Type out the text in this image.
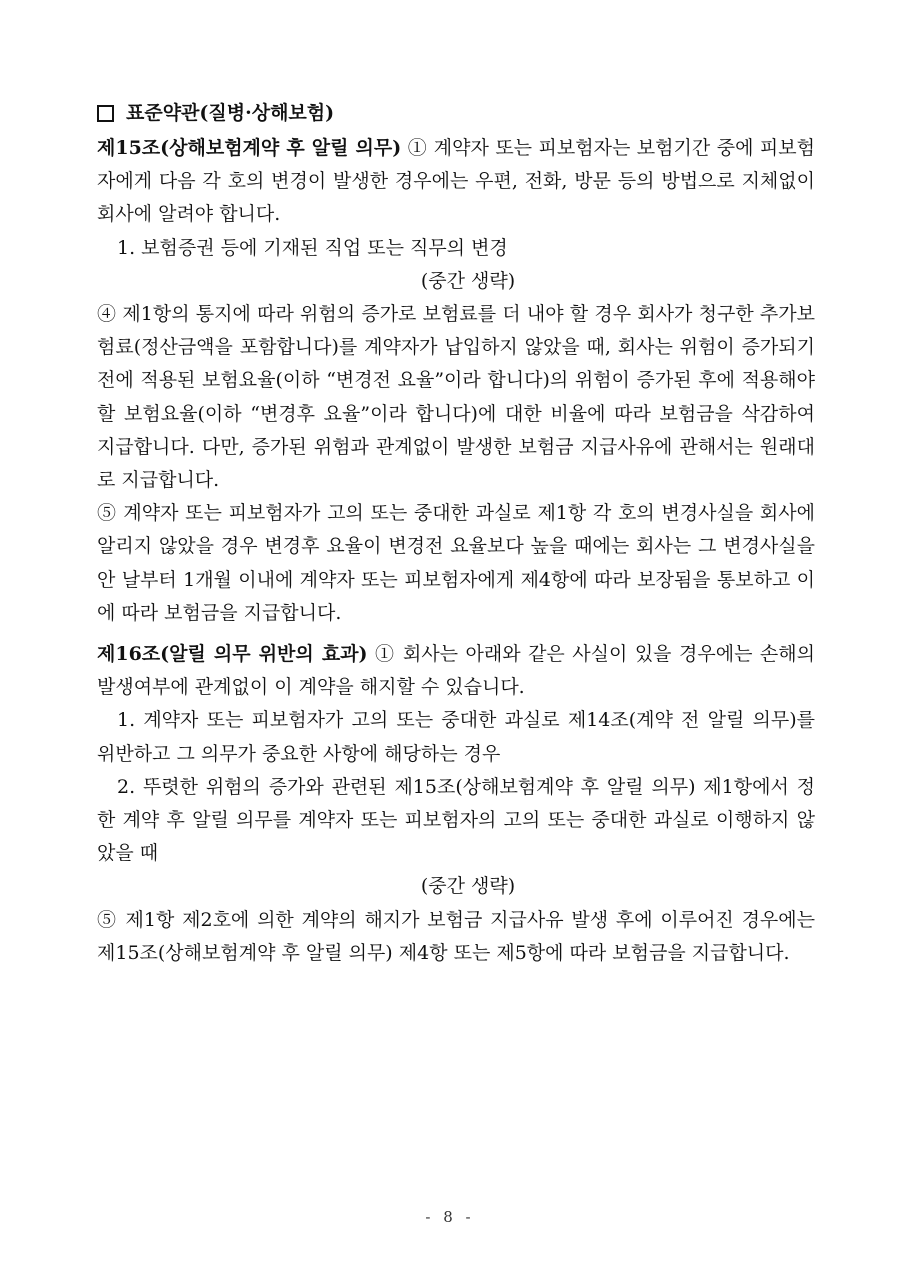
표준약관(질병·상해보험)

제15조(상해보험계약 후 알릴 의무) ① 계약자 또는 피보험자는 보험기간 중에 피보험자에게 다음 각 호의 변경이 발생한 경우에는 우편, 전화, 방문 등의 방법으로 지체없이 회사에 알려야 합니다.

1. 보험증권 등에 기재된 직업 또는 직무의 변경

(중간 생략)

④ 제1항의 통지에 따라 위험의 증가로 보험료를 더 내야 할 경우 회사가 청구한 추가보험료(정산금액을 포함합니다)를 계약자가 납입하지 않았을 때, 회사는 위험이 증가되기 전에 적용된 보험요율(이하 “변경전 요율”이라 합니다)의 위험이 증가된 후에 적용해야 할 보험요율(이하 “변경후 요율”이라 합니다)에 대한 비율에 따라 보험금을 삭감하여 지급합니다. 다만, 증가된 위험과 관계없이 발생한 보험금 지급사유에 관해서는 원래대로 지급합니다.

⑤ 계약자 또는 피보험자가 고의 또는 중대한 과실로 제1항 각 호의 변경사실을 회사에 알리지 않았을 경우 변경후 요율이 변경전 요율보다 높을 때에는 회사는 그 변경사실을 안 날부터 1개월 이내에 계약자 또는 피보험자에게 제4항에 따라 보장됨을 통보하고 이에 따라 보험금을 지급합니다.

제16조(알릴 의무 위반의 효과) ① 회사는 아래와 같은 사실이 있을 경우에는 손해의 발생여부에 관계없이 이 계약을 해지할 수 있습니다.

1. 계약자 또는 피보험자가 고의 또는 중대한 과실로 제14조(계약 전 알릴 의무)를 위반하고 그 의무가 중요한 사항에 해당하는 경우

2. 뚜렷한 위험의 증가와 관련된 제15조(상해보험계약 후 알릴 의무) 제1항에서 정한 계약 후 알릴 의무를 계약자 또는 피보험자의 고의 또는 중대한 과실로 이행하지 않았을 때

(중간 생략)

⑤ 제1항 제2호에 의한 계약의 해지가 보험금 지급사유 발생 후에 이루어진 경우에는 제15조(상해보험계약 후 알릴 의무) 제4항 또는 제5항에 따라 보험금을 지급합니다.

- 8 -
